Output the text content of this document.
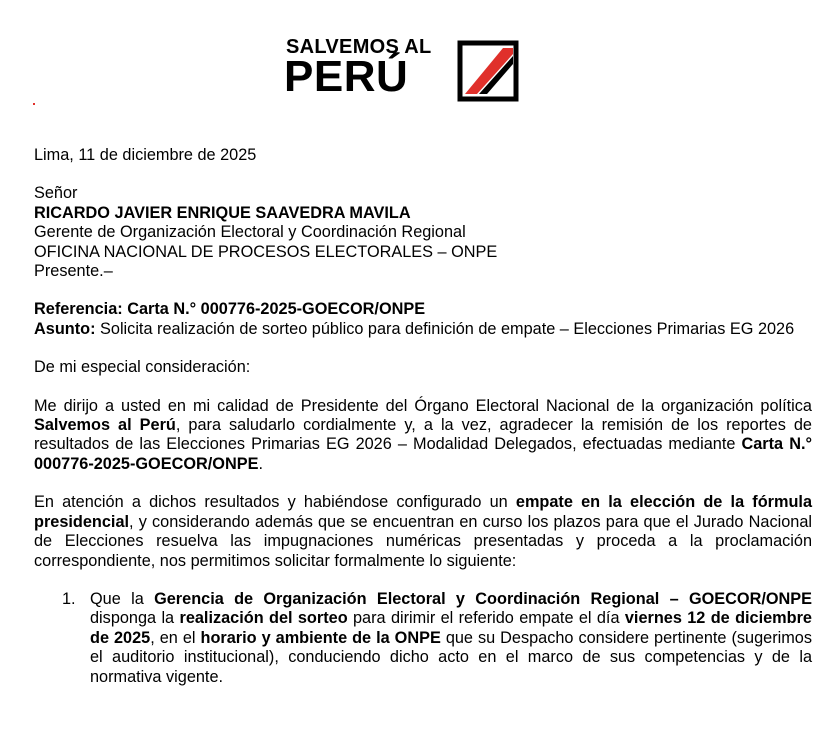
SALVEMOS AL
PERÚ

Lima, 11 de diciembre de 2025

Señor

RICARDO JAVIER ENRIQUE SAAVEDRA MAVILA

Gerente de Organización Electoral y Coordinación Regional

OFICINA NACIONAL DE PROCESOS ELECTORALES – ONPE

Presente.–

Referencia: Carta N.° 000776-2025-GOECOR/ONPE

Asunto: Solicita realización de sorteo público para definición de empate – Elecciones Primarias EG 2026

De mi especial consideración:

Me dirijo a usted en mi calidad de Presidente del Órgano Electoral Nacional de la organización política Salvemos al Perú, para saludarlo cordialmente y, a la vez, agradecer la remisión de los reportes de resultados de las Elecciones Primarias EG 2026 – Modalidad Delegados, efectuadas mediante Carta N.° 000776-2025-GOECOR/ONPE.

En atención a dichos resultados y habiéndose configurado un empate en la elección de la fórmula presidencial, y considerando además que se encuentran en curso los plazos para que el Jurado Nacional de Elecciones resuelva las impugnaciones numéricas presentadas y proceda a la proclamación correspondiente, nos permitimos solicitar formalmente lo siguiente:

1. Que la Gerencia de Organización Electoral y Coordinación Regional – GOECOR/ONPE disponga la realización del sorteo para dirimir el referido empate el día viernes 12 de diciembre de 2025, en el horario y ambiente de la ONPE que su Despacho considere pertinente (sugerimos el auditorio institucional), conduciendo dicho acto en el marco de sus competencias y de la normativa vigente.
